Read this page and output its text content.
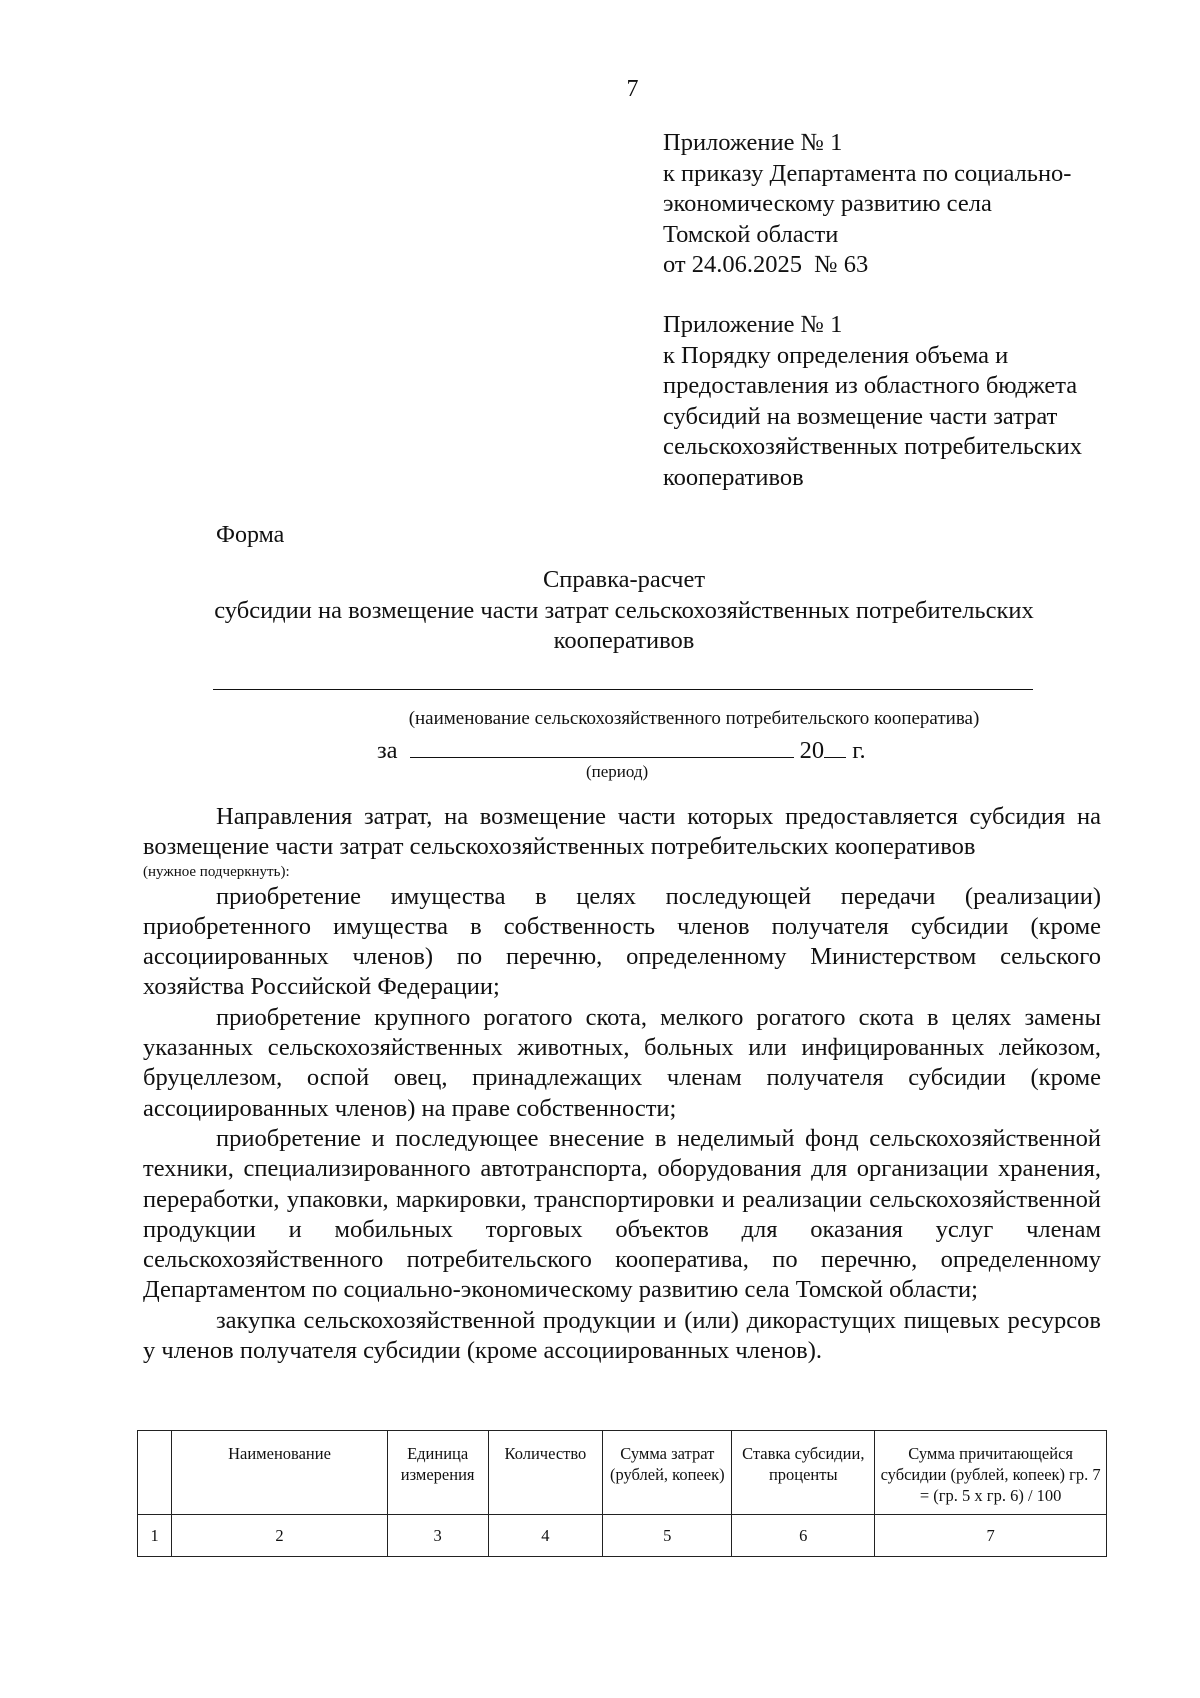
7
Приложение № 1
к приказу Департамента по социально-
экономическому развитию села
Томской области
от 24.06.2025  № 63
Приложение № 1
к Порядку определения объема и
предоставления из областного бюджета
субсидий на возмещение части затрат
сельскохозяйственных потребительских
кооперативов
Форма
Справка-расчет
субсидии на возмещение части затрат сельскохозяйственных потребительских
кооперативов
(наименование сельскохозяйственного потребительского кооператива)
за	20 г.
(период)

Направления затрат, на возмещение части которых предоставляется субсидия на возмещение части затрат сельскохозяйственных потребительских кооперативов
(нужное подчеркнуть):

приобретение имущества в целях последующей передачи (реализации) приобретенного имущества в собственность членов получателя субсидии (кроме ассоциированных членов) по перечню, определенному Министерством сельского хозяйства Российской Федерации;

приобретение крупного рогатого скота, мелкого рогатого скота в целях замены указанных сельскохозяйственных животных, больных или инфицированных лейкозом, бруцеллезом, оспой овец, принадлежащих членам получателя субсидии (кроме ассоциированных членов) на праве собственности;

приобретение и последующее внесение в неделимый фонд сельскохозяйственной техники, специализированного автотранспорта, оборудования для организации хранения, переработки, упаковки, маркировки, транспортировки и реализации сельскохозяйственной продукции и мобильных торговых объектов для оказания услуг членам сельскохозяйственного потребительского кооператива, по перечню, определенному Департаментом по социально-экономическому развитию села Томской области;

закупка сельскохозяйственной продукции и (или) дикорастущих пищевых ресурсов у членов получателя субсидии (кроме ассоциированных членов).

	Наименование	Единица измерения	Количество	Сумма затрат (рублей, копеек)	Ставка субсидии, проценты	Сумма причитающейся субсидии (рублей, копеек) гр. 7 = (гр. 5 х гр. 6) / 100
1	2	3	4	5	6	7
